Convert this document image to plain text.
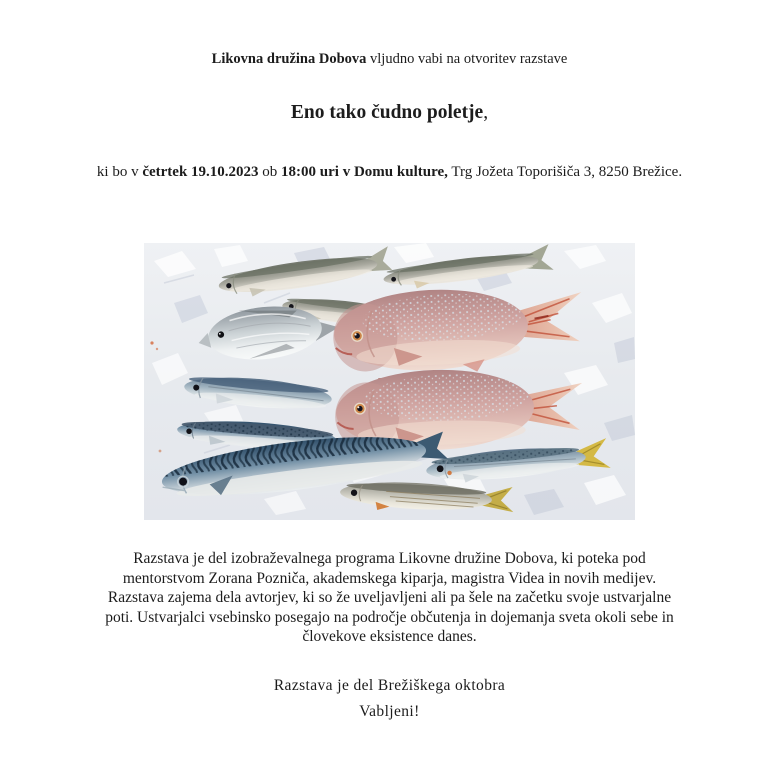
Likovna družina Dobova vljudno vabi na otvoritev razstave
Eno tako čudno poletje,
ki bo v četrtek 19.10.2023 ob 18:00 uri v Domu kulture, Trg Jožeta Toporišiča 3, 8250 Brežice.
Razstava je del izobraževalnega programa Likovne družine Dobova, ki poteka pod
mentorstvom Zorana Pozniča, akademskega kiparja, magistra Videa in novih medijev.
Razstava zajema dela avtorjev, ki so že uveljavljeni ali pa šele na začetku svoje ustvarjalne
poti. Ustvarjalci vsebinsko posegajo na področje občutenja in dojemanja sveta okoli sebe in
človekove eksistence danes.
Razstava je del Brežiškega oktobra
Vabljeni!
